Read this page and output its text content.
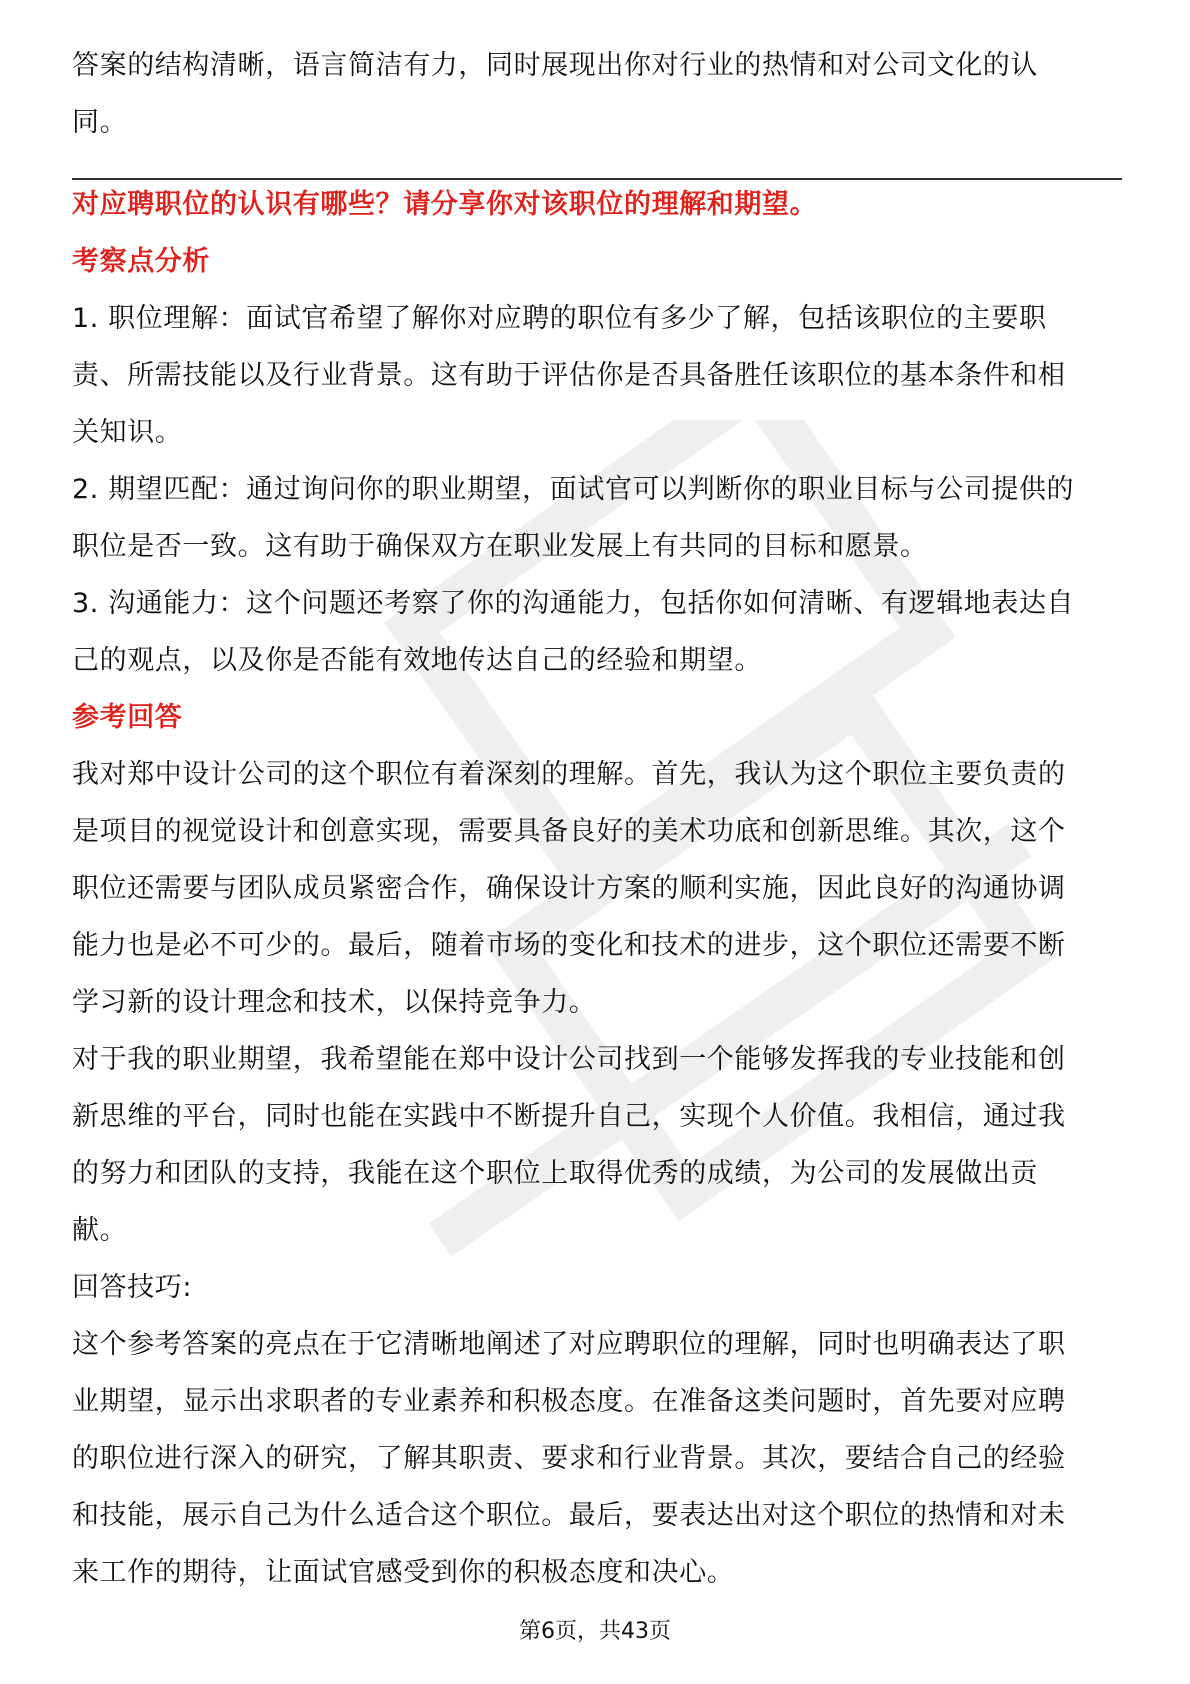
答案的结构清晰，语言简洁有力，同时展现出你对行业的热情和对公司文化的认
同。
对应聘职位的认识有哪些？请分享你对该职位的理解和期望。
考察点分析
1. 职位理解：面试官希望了解你对应聘的职位有多少了解，包括该职位的主要职
责、所需技能以及行业背景。这有助于评估你是否具备胜任该职位的基本条件和相
关知识。
2. 期望匹配：通过询问你的职业期望，面试官可以判断你的职业目标与公司提供的
职位是否一致。这有助于确保双方在职业发展上有共同的目标和愿景。
3. 沟通能力：这个问题还考察了你的沟通能力，包括你如何清晰、有逻辑地表达自
己的观点，以及你是否能有效地传达自己的经验和期望。
参考回答
我对郑中设计公司的这个职位有着深刻的理解。首先，我认为这个职位主要负责的
是项目的视觉设计和创意实现，需要具备良好的美术功底和创新思维。其次，这个
职位还需要与团队成员紧密合作，确保设计方案的顺利实施，因此良好的沟通协调
能力也是必不可少的。最后，随着市场的变化和技术的进步，这个职位还需要不断
学习新的设计理念和技术，以保持竞争力。
对于我的职业期望，我希望能在郑中设计公司找到一个能够发挥我的专业技能和创
新思维的平台，同时也能在实践中不断提升自己，实现个人价值。我相信，通过我
的努力和团队的支持，我能在这个职位上取得优秀的成绩，为公司的发展做出贡
献。
回答技巧:
这个参考答案的亮点在于它清晰地阐述了对应聘职位的理解，同时也明确表达了职
业期望，显示出求职者的专业素养和积极态度。在准备这类问题时，首先要对应聘
的职位进行深入的研究，了解其职责、要求和行业背景。其次，要结合自己的经验
和技能，展示自己为什么适合这个职位。最后，要表达出对这个职位的热情和对未
来工作的期待，让面试官感受到你的积极态度和决心。
第6页，共43页
